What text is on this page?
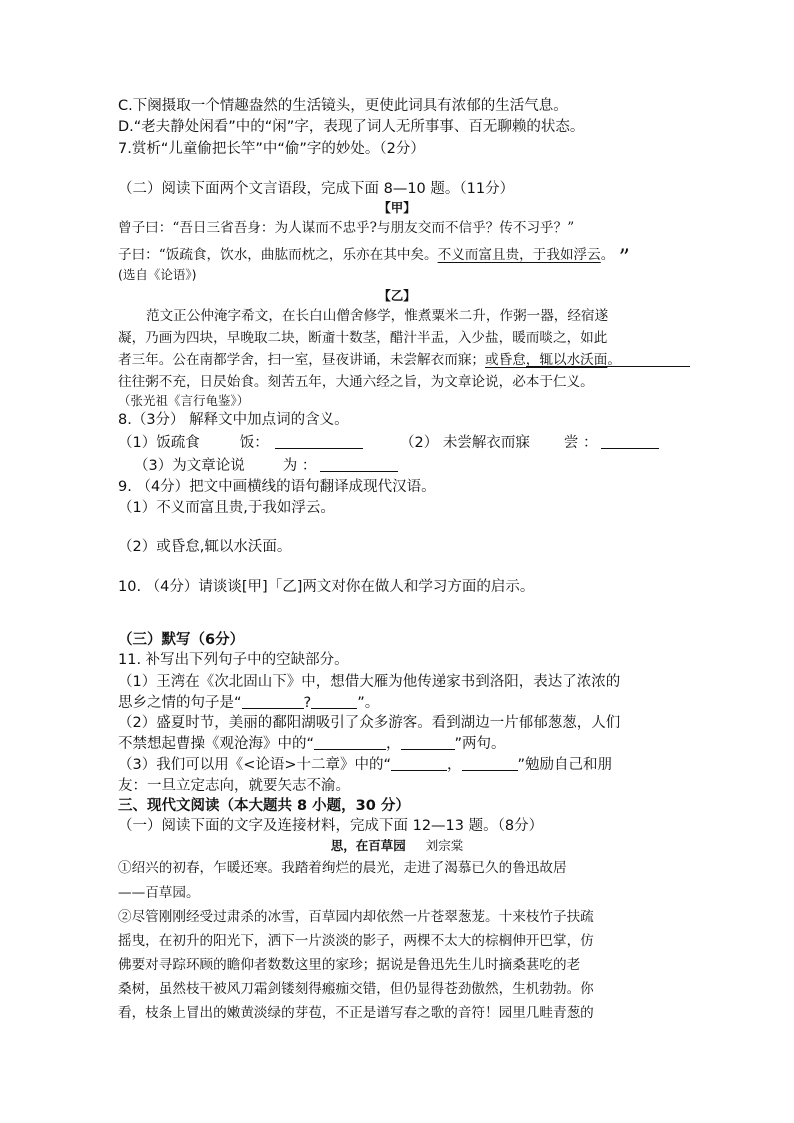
C.下阕摄取一个情趣盎然的生活镜头，更使此词具有浓郁的生活气息。
D.“老夫静处闲看”中的“闲”字，表现了词人无所事事、百无聊赖的状态。
7.赏析“儿童偷把长竿”中“偷”字的妙处。（2分）
（二）阅读下面两个文言语段，完成下面 8—10 题。（11分）
【甲】
曾子曰：“吾日三省吾身：为人谋而不忠乎?与朋友交而不信乎？传不习乎？”
子曰：“饭疏食，饮水，曲肱而枕之，乐亦在其中矣。不义而富且贵，于我如浮云。 ”
(选自《论语》)
【乙】
范文正公仲淹字希文，在长白山僧舍修学，惟煮粟米二升，作粥一器，经宿遂
凝，乃画为四块，早晚取二块，断齑十数茎，醋汁半盂，入少盐，暖而啖之，如此
者三年。公在南都学舍，扫一室，昼夜讲诵，未尝解衣而寐；或昏怠，辄以水沃面。
往往粥不充，日昃始食。刻苦五年，大通六经之旨，为文章论说，必本于仁义。
（张光祖《言行龟鉴》）
8.（3分） 解释文中加点词的含义。
（1）饭疏食	饭：	（2） 未尝解衣而寐 尝 ：
（3）为文章论说	为 ：
9. （4分）把文中画横线的语句翻译成现代汉语。
（1）不义而富且贵,于我如浮云。
（2）或昏怠,辄以水沃面。
10. （4分）请谈谈[甲]「乙]两文对你在做人和学习方面的启示。
（三）默写（6分）
11. 补写出下列句子中的空缺部分。
（1）王湾在《次北固山下》中，想借大雁为他传递家书到洛阳，表达了浓浓的
思乡之情的句子是“	?	”。
（2）盛夏时节，美丽的鄱阳湖吸引了众多游客。看到湖边一片郁郁葱葱，人们
不禁想起曹操《观沧海》中的“	，	”两句。
（3）我们可以用《<论语>十二章》中的“	，	”勉励自己和朋
友：一旦立定志向，就要矢志不渝。
三、现代文阅读（本大题共 8 小题，30 分）
（一）阅读下面的文字及连接材料，完成下面 12—13 题。（8分）
思，在百草园 刘宗棠
①绍兴的初春，乍暖还寒。我踏着绚烂的晨光，走进了渴慕已久的鲁迅故居
——百草园。
②尽管刚刚经受过肃杀的冰雪，百草园内却依然一片苍翠葱茏。十来枝竹子扶疏
摇曳，在初升的阳光下，洒下一片淡淡的影子，两棵不太大的棕榈伸开巴掌，仿
佛要对寻踪环顾的瞻仰者数数这里的家珍；据说是鲁迅先生儿时摘桑葚吃的老
桑树，虽然枝干被风刀霜剑镂刻得瘢痂交错，但仍显得苍劲傲然，生机勃勃。你
看，枝条上冒出的嫩黄淡绿的芽苞，不正是谱写春之歌的音符！园里几畦青葱的
